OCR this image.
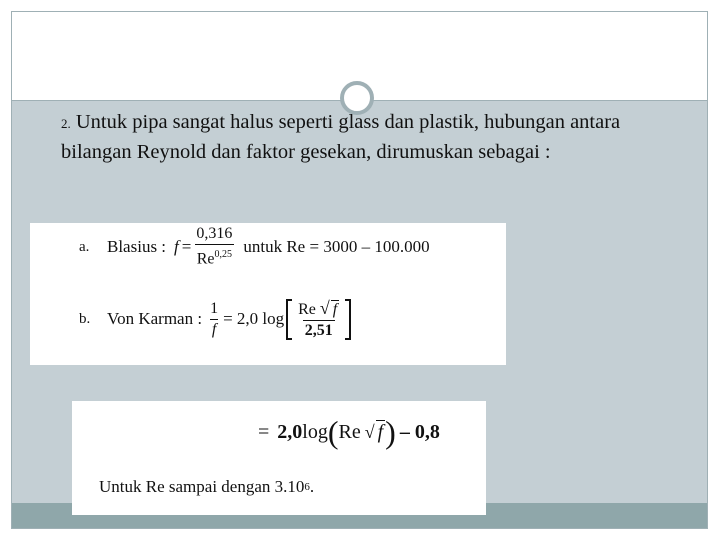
2. Untuk pipa sangat halus seperti glass dan plastik, hubungan antara bilangan Reynold dan faktor gesekan, dirumuskan sebagai :
a.	Blasius : $f = \frac{0,316}{Re^{0,25}}$ untuk Re = 3000 – 100.000
b. Von Karman : $\frac{1}{f} = 2,0$ $\log \frac{Re √ f}{2,51}$
= 2,0 log ( Re √ f ) – 0,8
Untuk Re sampai dengan 3.10 6 .
